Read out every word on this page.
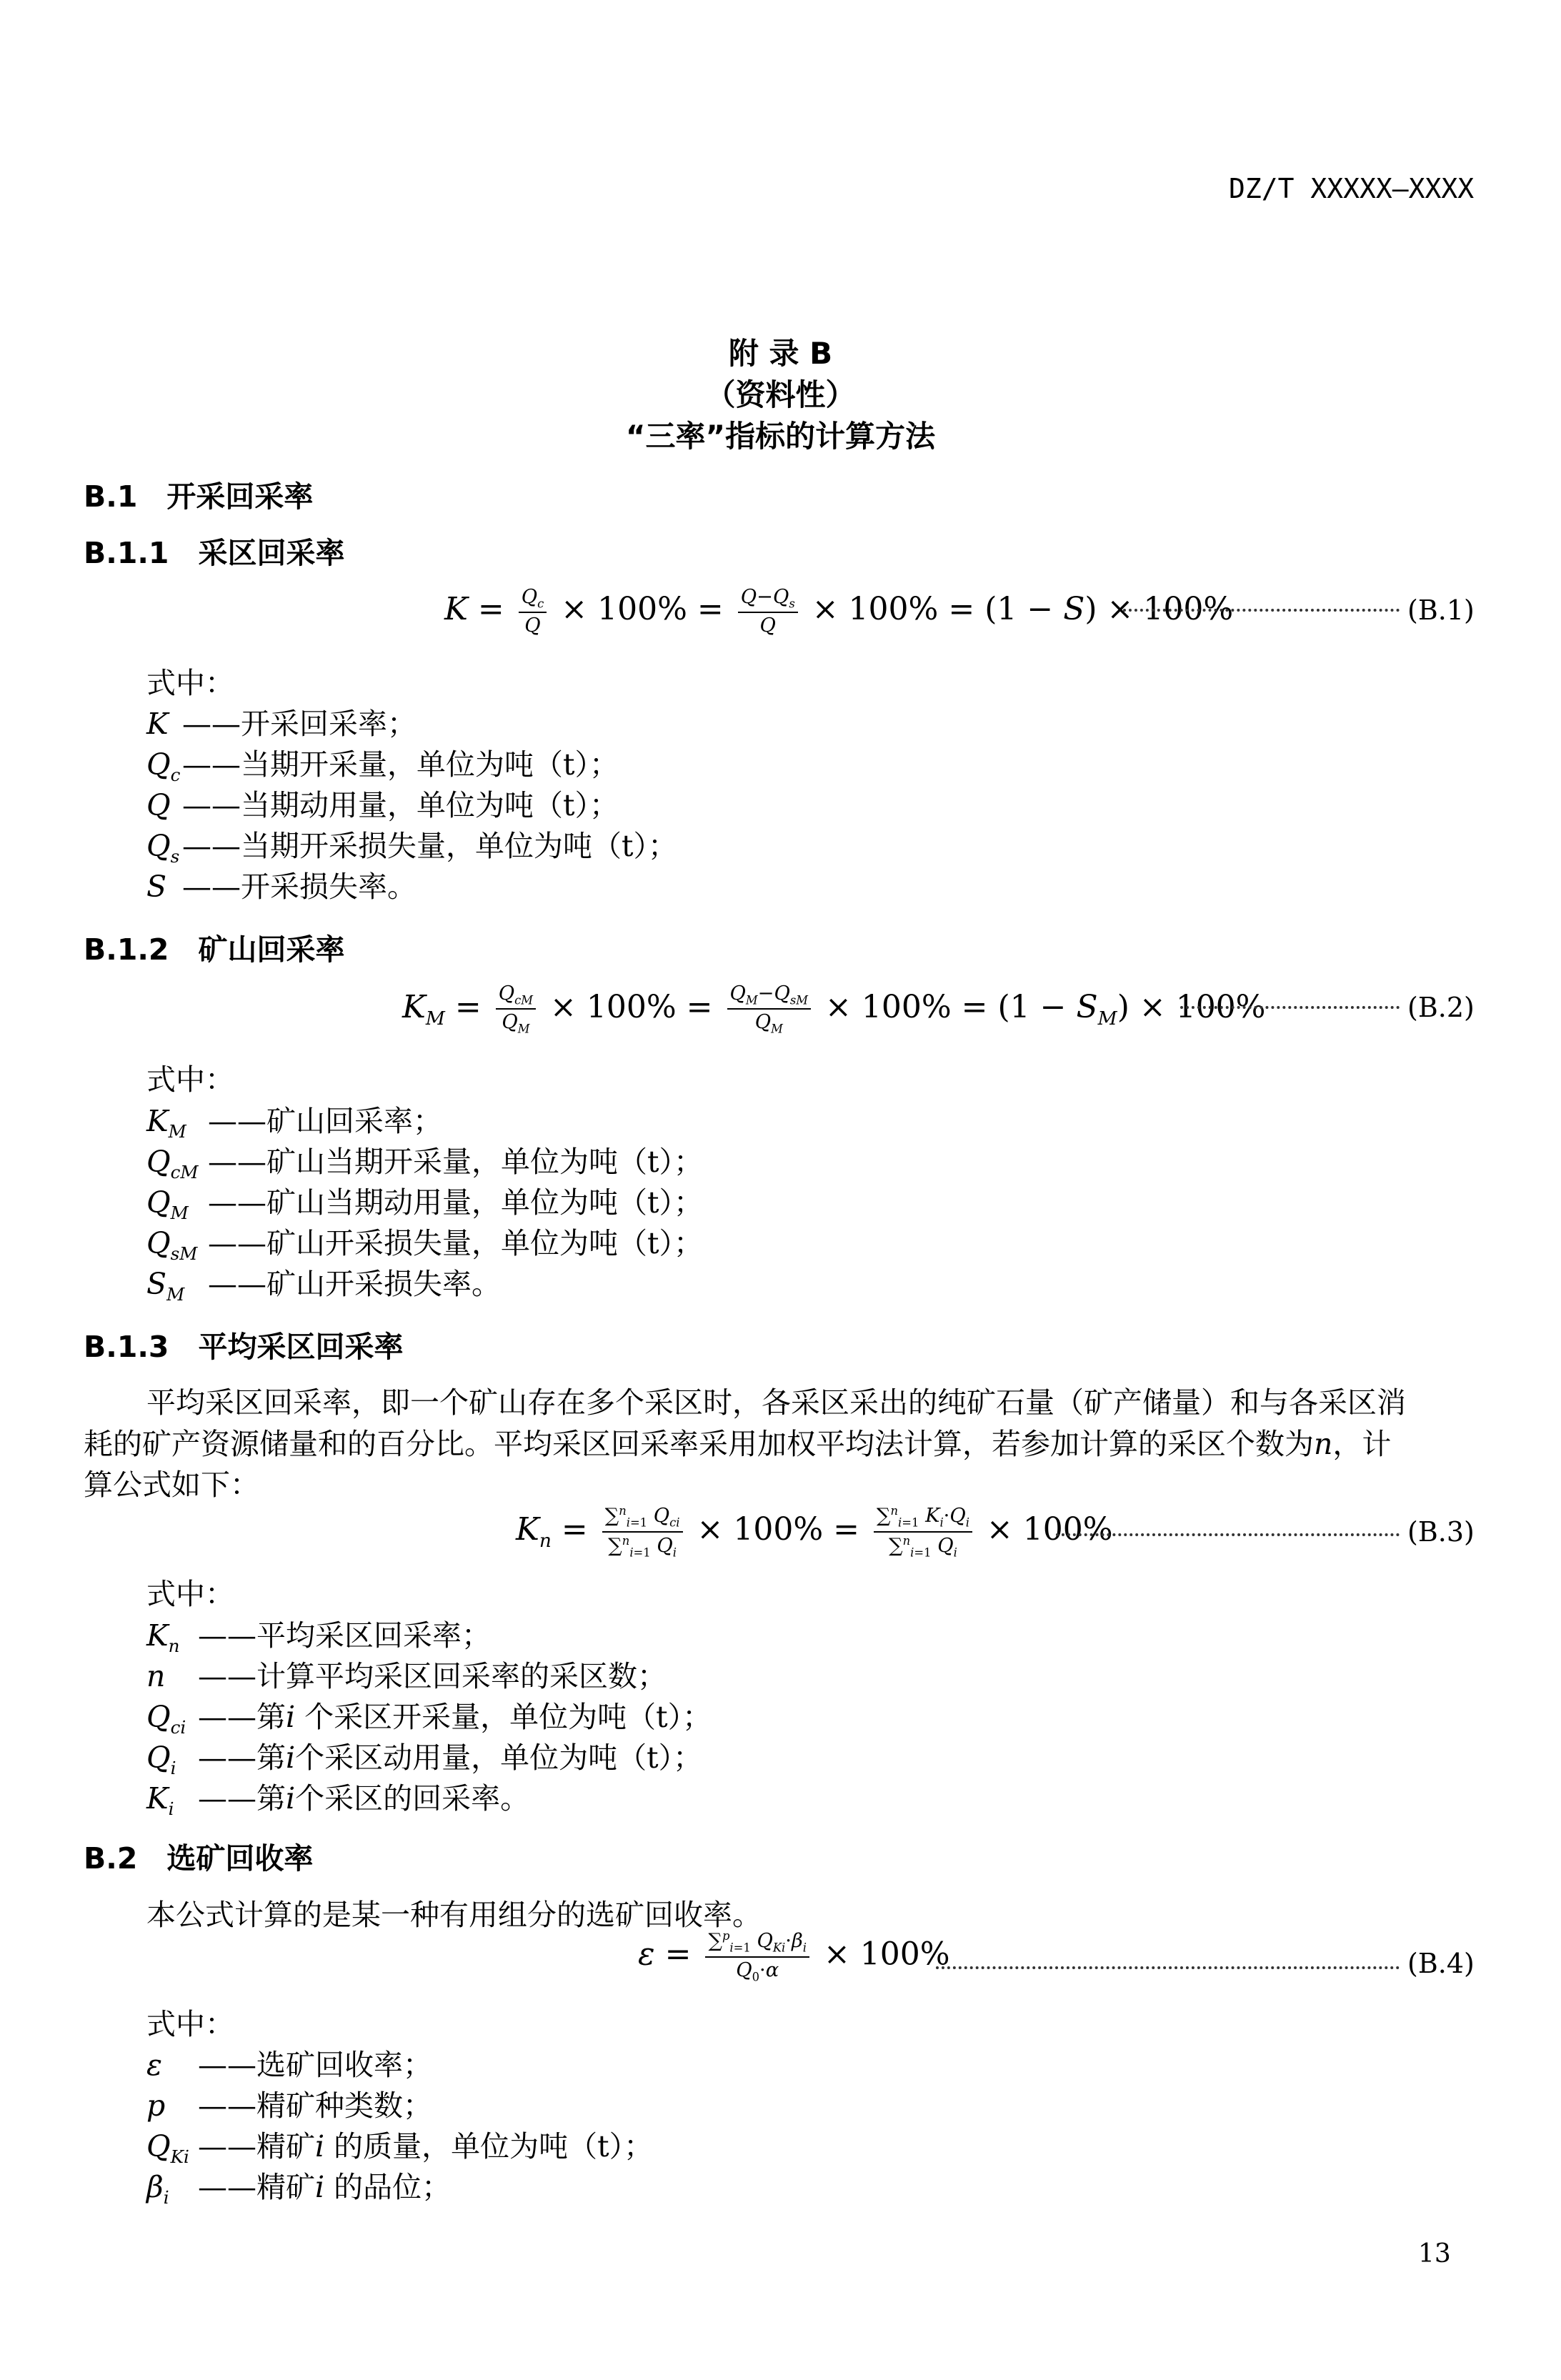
DZ/T XXXXX—XXXX
附 录 B
（资料性）
“三率”指标的计算方法
B.1　开采回采率
B.1.1　采区回采率
$K = \frac{Q_c}{Q} \times 100\% = \frac{Q-Q_s}{Q} \times 100\% = (1 - S) \times 100\%$	(B.1)
式中：
K ——开采回采率；
$Q_c——$当期开采量，单位为吨（t）；
Q ——当期动用量，单位为吨（t）；
$Q_s——$当期开采损失量，单位为吨（t）；
S ——开采损失率。
B.1.2　矿山回采率
$K_M = \frac{Q_{cM}}{Q_M} \times 100\% = \frac{Q_M-Q_{sM}}{Q_M} \times 100\% = (1 - S_M) \times 100\%$	(B.2)
式中：
$K_M$ ——矿山回采率；
$Q_{cM}$ ——矿山当期开采量，单位为吨（t）；
$Q_M$ ——矿山当期动用量，单位为吨（t）；
$Q_{sM}$ ——矿山开采损失量，单位为吨（t）；
$S_M$ ——矿山开采损失率。
B.1.3　平均采区回采率
平均采区回采率，即一个矿山存在多个采区时，各采区采出的纯矿石量（矿产储量）和与各采区消
耗的矿产资源储量和的百分比。平均采区回采率采用加权平均法计算，若参加计算的采区个数为n，计
算公式如下：
$K_n = \frac{\sum^n_{i=1} Q_{ci}}{\sum^n_{i=1} Q_i} \times 100\% = \frac{\sum^n_{i=1} K_i\cdot Q_i}{\sum^n_{i=1} Q_i} \times 100\%$	(B.3)
式中：
$K_n$ ——平均采区回采率；
n ——计算平均采区回采率的采区数；
$Q_{ci}$ ——第i 个采区开采量，单位为吨（t）；
$Q_i$ ——第i个采区动用量，单位为吨（t）；
$K_i$ ——第i个采区的回采率。
B.2　选矿回收率
本公式计算的是某一种有用组分的选矿回收率。
$\varepsilon = \frac{\sum^p_{i=1} Q_{Ki}\cdot\beta_i}{Q_0\cdot\alpha} \times 100\%$	(B.4)
式中：
ε ——选矿回收率；
p ——精矿种类数；
$Q_{Ki}$ ——精矿i 的质量，单位为吨（t）；
$\beta_i$ ——精矿i 的品位；
13
